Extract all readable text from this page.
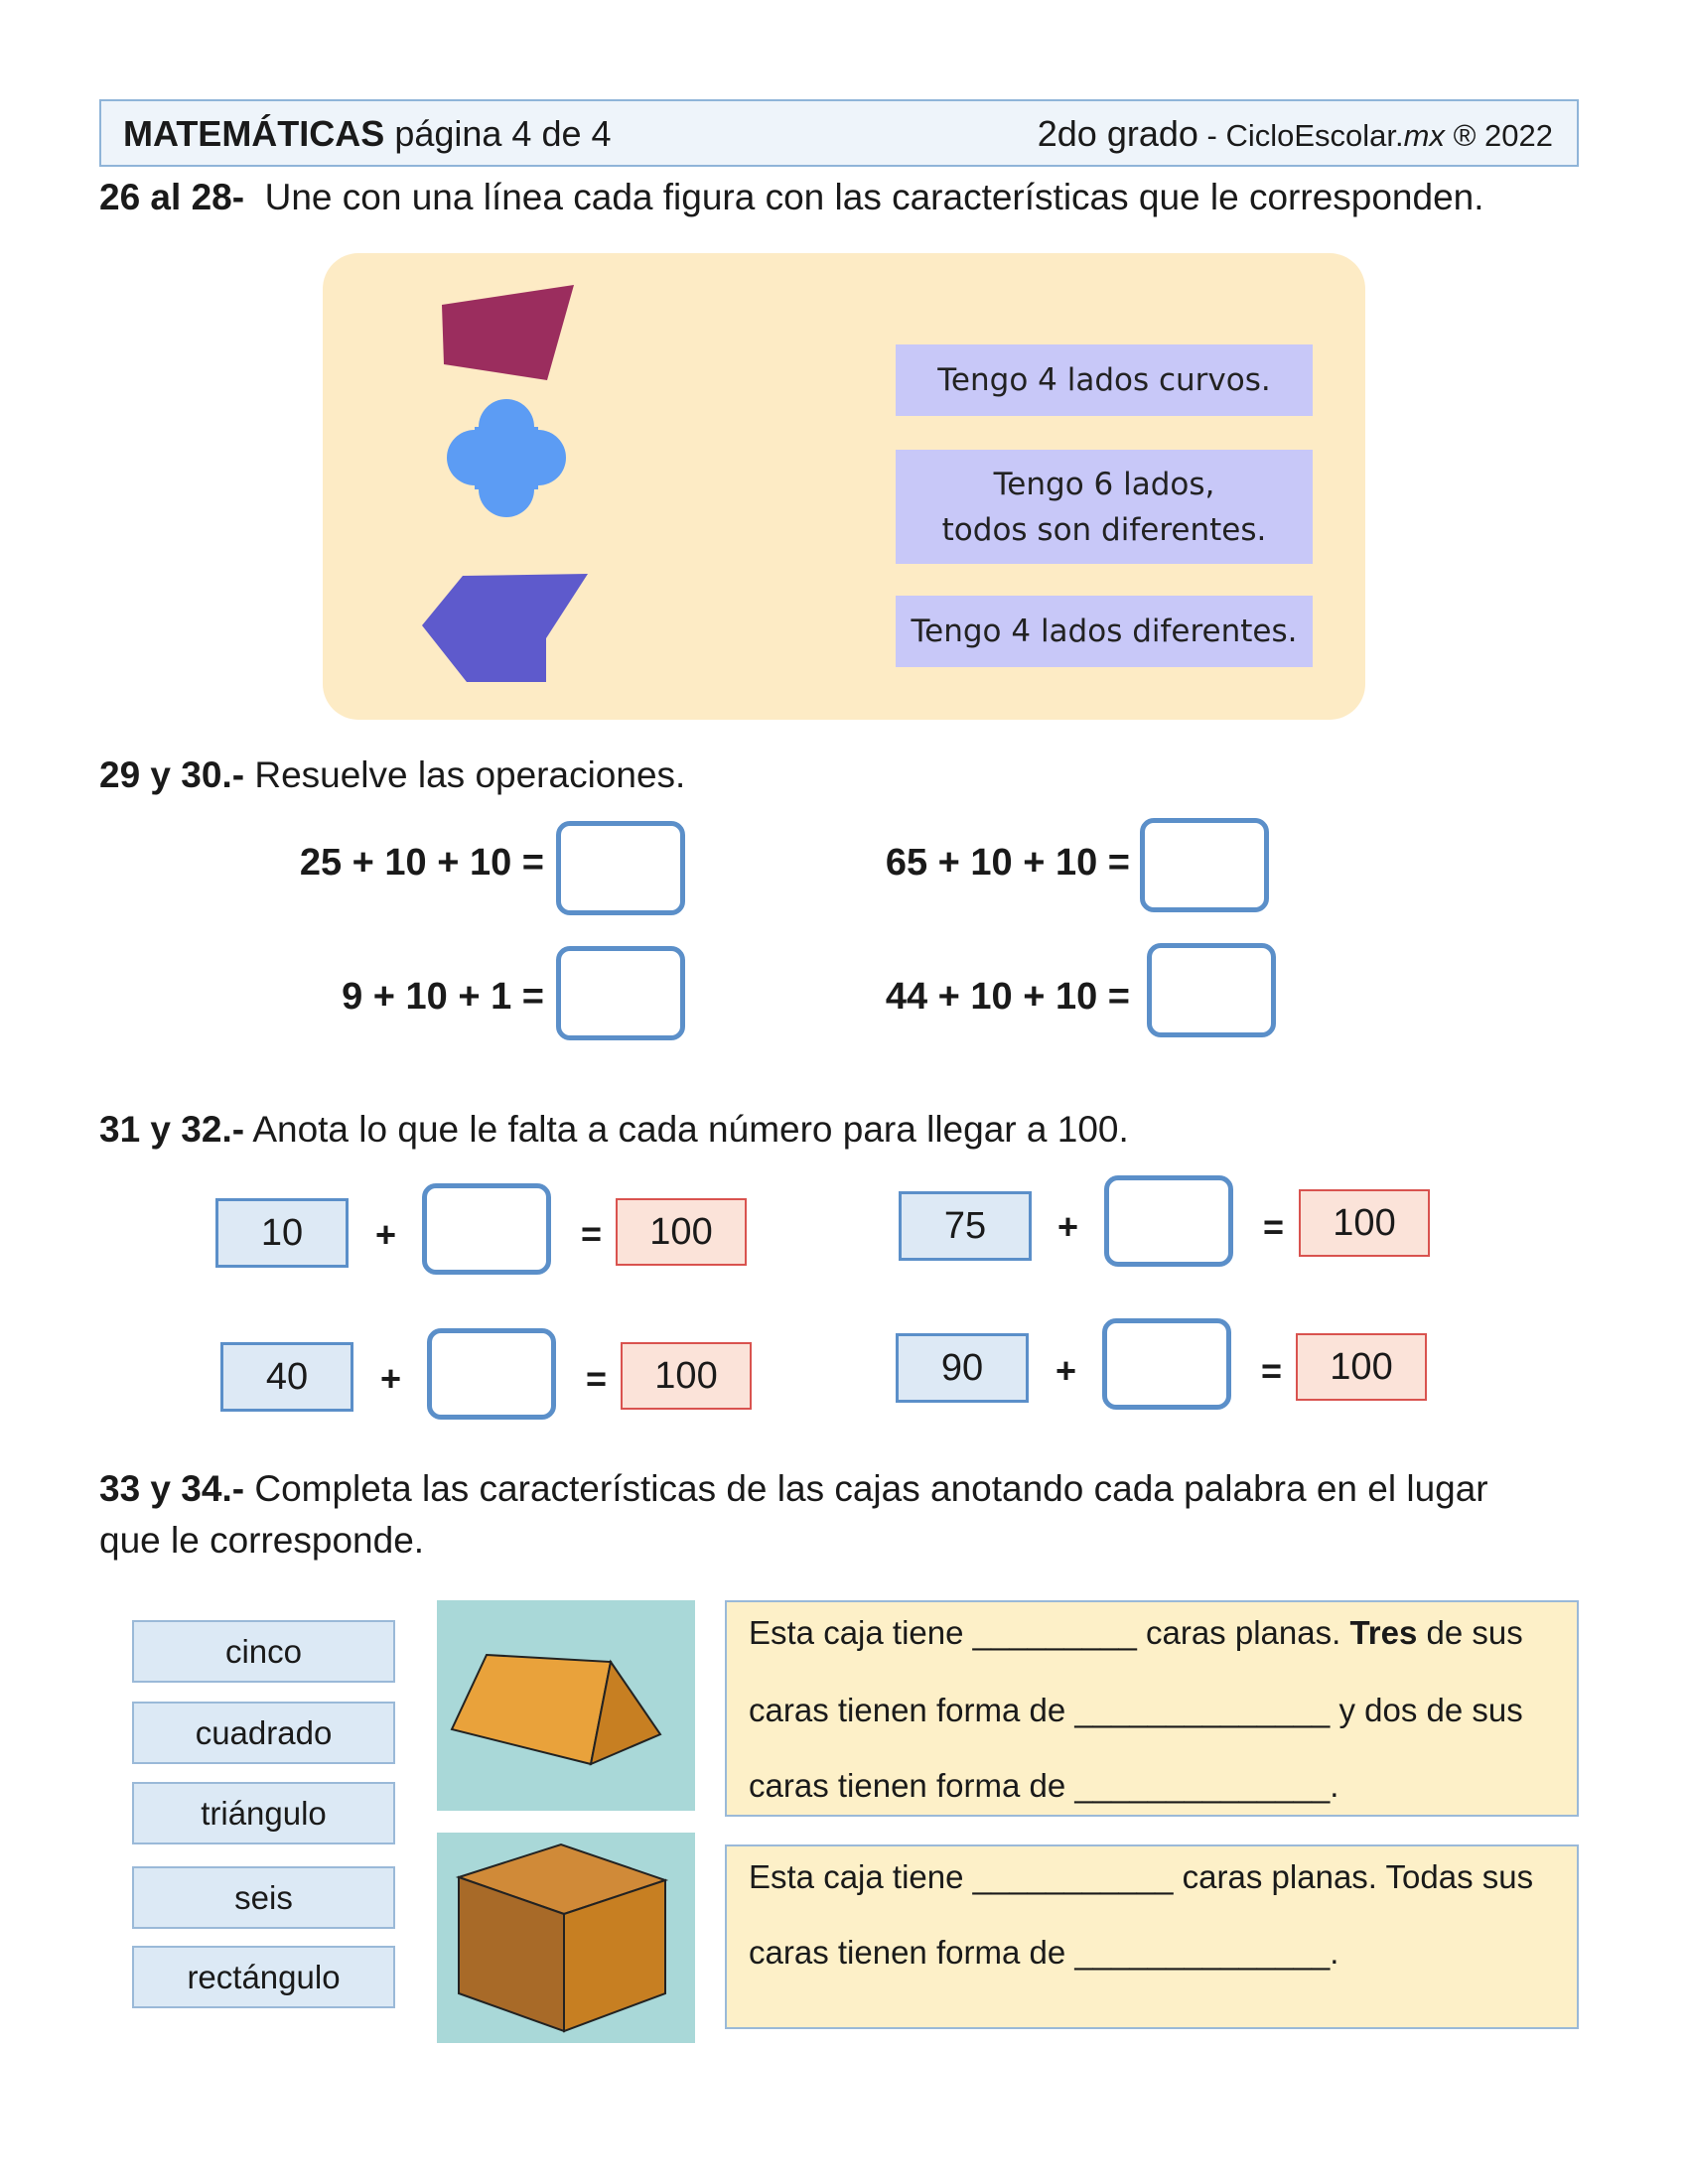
MATEMÁTICAS página 4 de 4	2do grado - CicloEscolar.mx ® 2022
26 al 28- Une con una línea cada figura con las características que le corresponden.
Tengo 4 lados curvos.
Tengo 6 lados,
todos son diferentes.
Tengo 4 lados diferentes.
29 y 30.- Resuelve las operaciones.
25 + 10 + 10 =	65 + 10 + 10 =
9 + 10 + 1 =	44 + 10 + 10 =
31 y 32.- Anota lo que le falta a cada número para llegar a 100.
10	+	=	100	75	+	=	100
40	+	=	100	90	+	=	100
33 y 34.- Completa las características de las cajas anotando cada palabra en el lugar
que le corresponde.
cinco
cuadrado
triángulo
seis
rectángulo
Esta caja tiene _________ caras planas. Tres de sus
caras tienen forma de ______________ y dos de sus
caras tienen forma de ______________.
Esta caja tiene ___________ caras planas. Todas sus
caras tienen forma de ______________.
